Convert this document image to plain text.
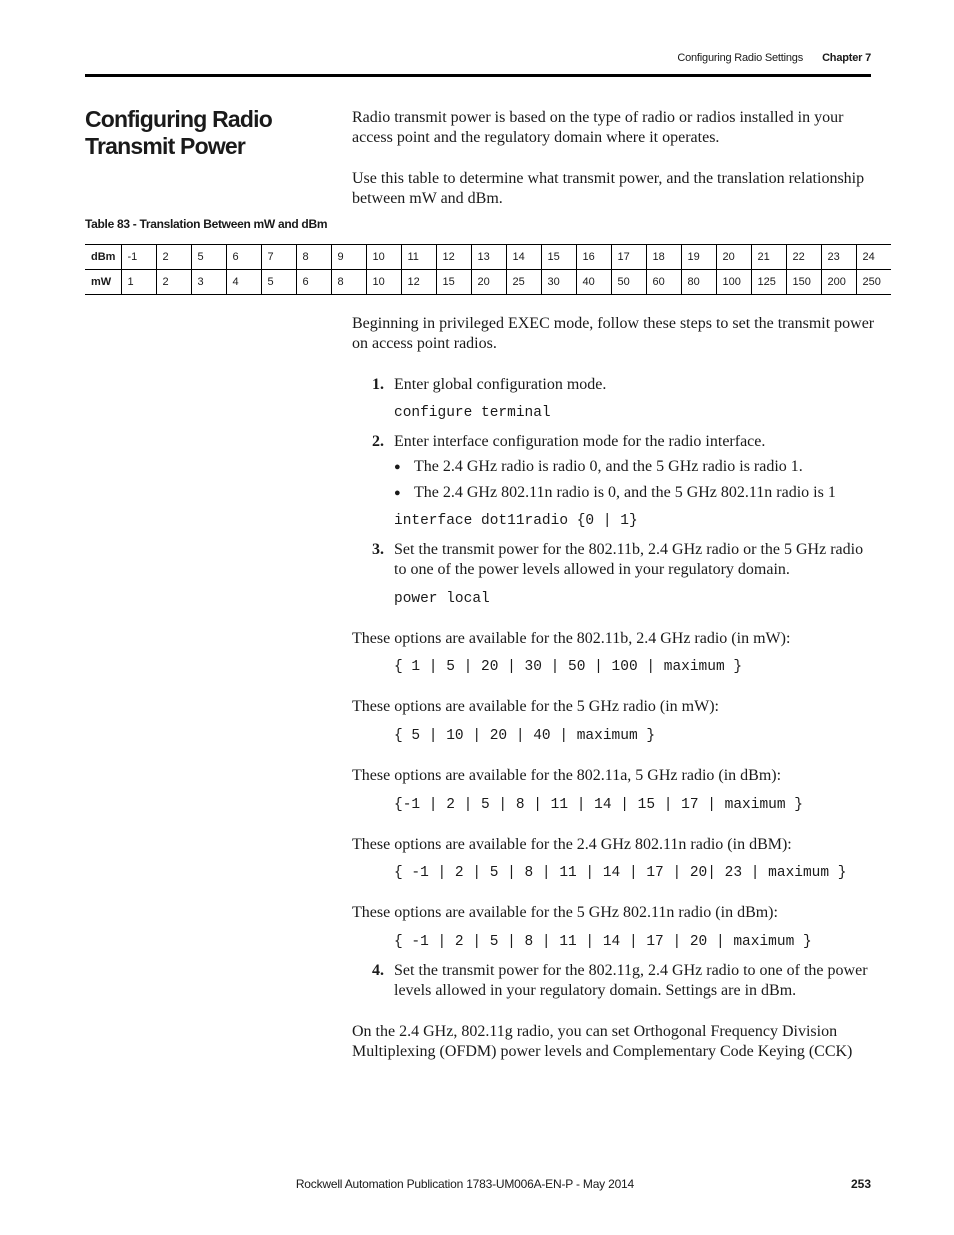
Configuring Radio Settings Chapter 7
Configuring Radio Transmit Power
Radio transmit power is based on the type of radio or radios installed in your access point and the regulatory domain where it operates.
Use this table to determine what transmit power, and the translation relationship between mW and dBm.
Table 83 - Translation Between mW and dBm
dBm	-1	2	5	6	7	8	9	10	11	12	13	14	15	16	17	18	19	20	21	22	23	24
mW	1	2	3	4	5	6	8	10	12	15	20	25	30	40	50	60	80	100	125	150	200	250
Beginning in privileged EXEC mode, follow these steps to set the transmit power on access point radios.
1. Enter global configuration mode.
configure terminal
2. Enter interface configuration mode for the radio interface.
● The 2.4 GHz radio is radio 0, and the 5 GHz radio is radio 1.
● The 2.4 GHz 802.11n radio is 0, and the 5 GHz 802.11n radio is 1
interface dot11radio {0 | 1}
3. Set the transmit power for the 802.11b, 2.4 GHz radio or the 5 GHz radio to one of the power levels allowed in your regulatory domain.
power local
These options are available for the 802.11b, 2.4 GHz radio (in mW):
{ 1 | 5 | 20 | 30 | 50 | 100 | maximum }
These options are available for the 5 GHz radio (in mW):
{ 5 | 10 | 20 | 40 | maximum }
These options are available for the 802.11a, 5 GHz radio (in dBm):
{-1 | 2 | 5 | 8 | 11 | 14 | 15 | 17 | maximum }
These options are available for the 2.4 GHz 802.11n radio (in dBM):
{ -1 | 2 | 5 | 8 | 11 | 14 | 17 | 20| 23 | maximum }
These options are available for the 5 GHz 802.11n radio (in dBm):
{ -1 | 2 | 5 | 8 | 11 | 14 | 17 | 20 | maximum }
4. Set the transmit power for the 802.11g, 2.4 GHz radio to one of the power levels allowed in your regulatory domain. Settings are in dBm.
On the 2.4 GHz, 802.11g radio, you can set Orthogonal Frequency Division Multiplexing (OFDM) power levels and Complementary Code Keying (CCK)
Rockwell Automation Publication 1783-UM006A-EN-P - May 2014	253
